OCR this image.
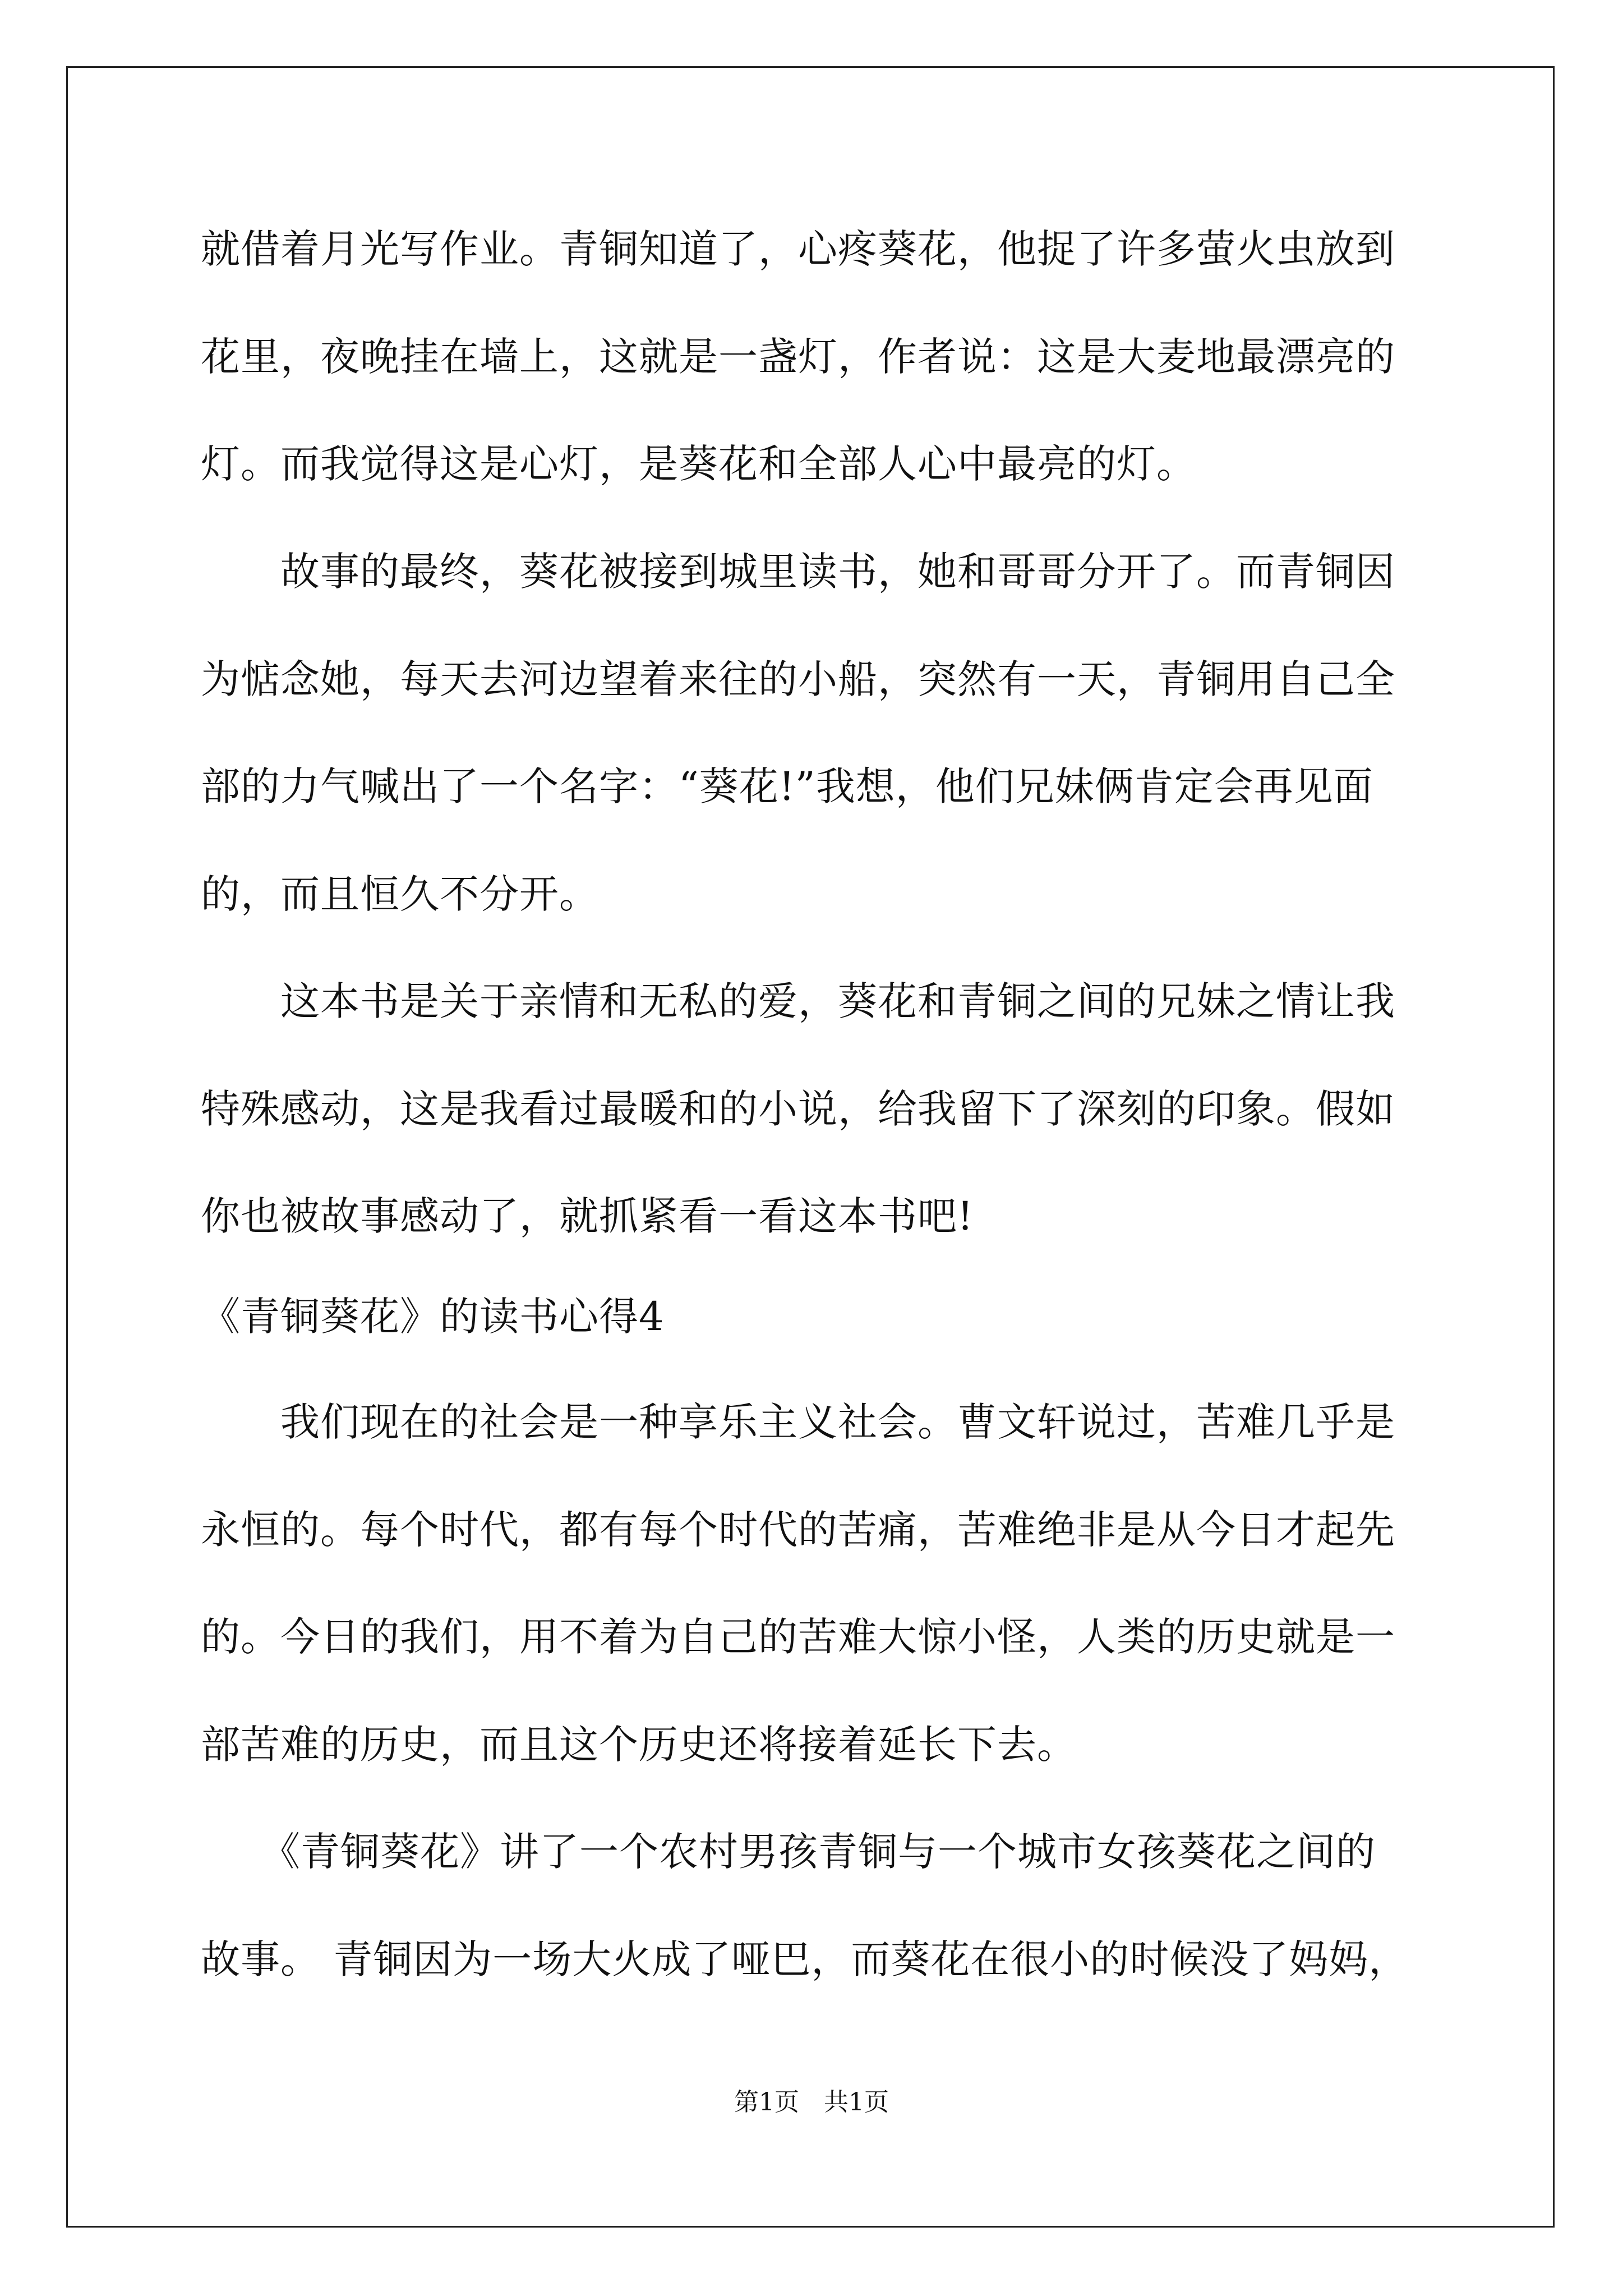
就借着月光写作业。青铜知道了，心疼葵花，他捉了许多萤火虫放到
花里，夜晚挂在墙上，这就是一盏灯，作者说：这是大麦地最漂亮的
灯。而我觉得这是心灯，是葵花和全部人心中最亮的灯。
　　故事的最终，葵花被接到城里读书，她和哥哥分开了。而青铜因
为惦念她，每天去河边望着来往的小船，突然有一天，青铜用自己全
部的力气喊出了一个名字：“葵花!”我想，他们兄妹俩肯定会再见面
的，而且恒久不分开。
　　这本书是关于亲情和无私的爱，葵花和青铜之间的兄妹之情让我
特殊感动，这是我看过最暖和的小说，给我留下了深刻的印象。假如
你也被故事感动了，就抓紧看一看这本书吧!
《青铜葵花》的读书心得4
　　我们现在的社会是一种享乐主义社会。曹文轩说过，苦难几乎是
永恒的。每个时代，都有每个时代的苦痛，苦难绝非是从今日才起先
的。今日的我们，用不着为自己的苦难大惊小怪，人类的历史就是一
部苦难的历史，而且这个历史还将接着延长下去。
　　《青铜葵花》讲了一个农村男孩青铜与一个城市女孩葵花之间的
故事。 青铜因为一场大火成了哑巴，而葵花在很小的时候没了妈妈，
第1页　共1页
